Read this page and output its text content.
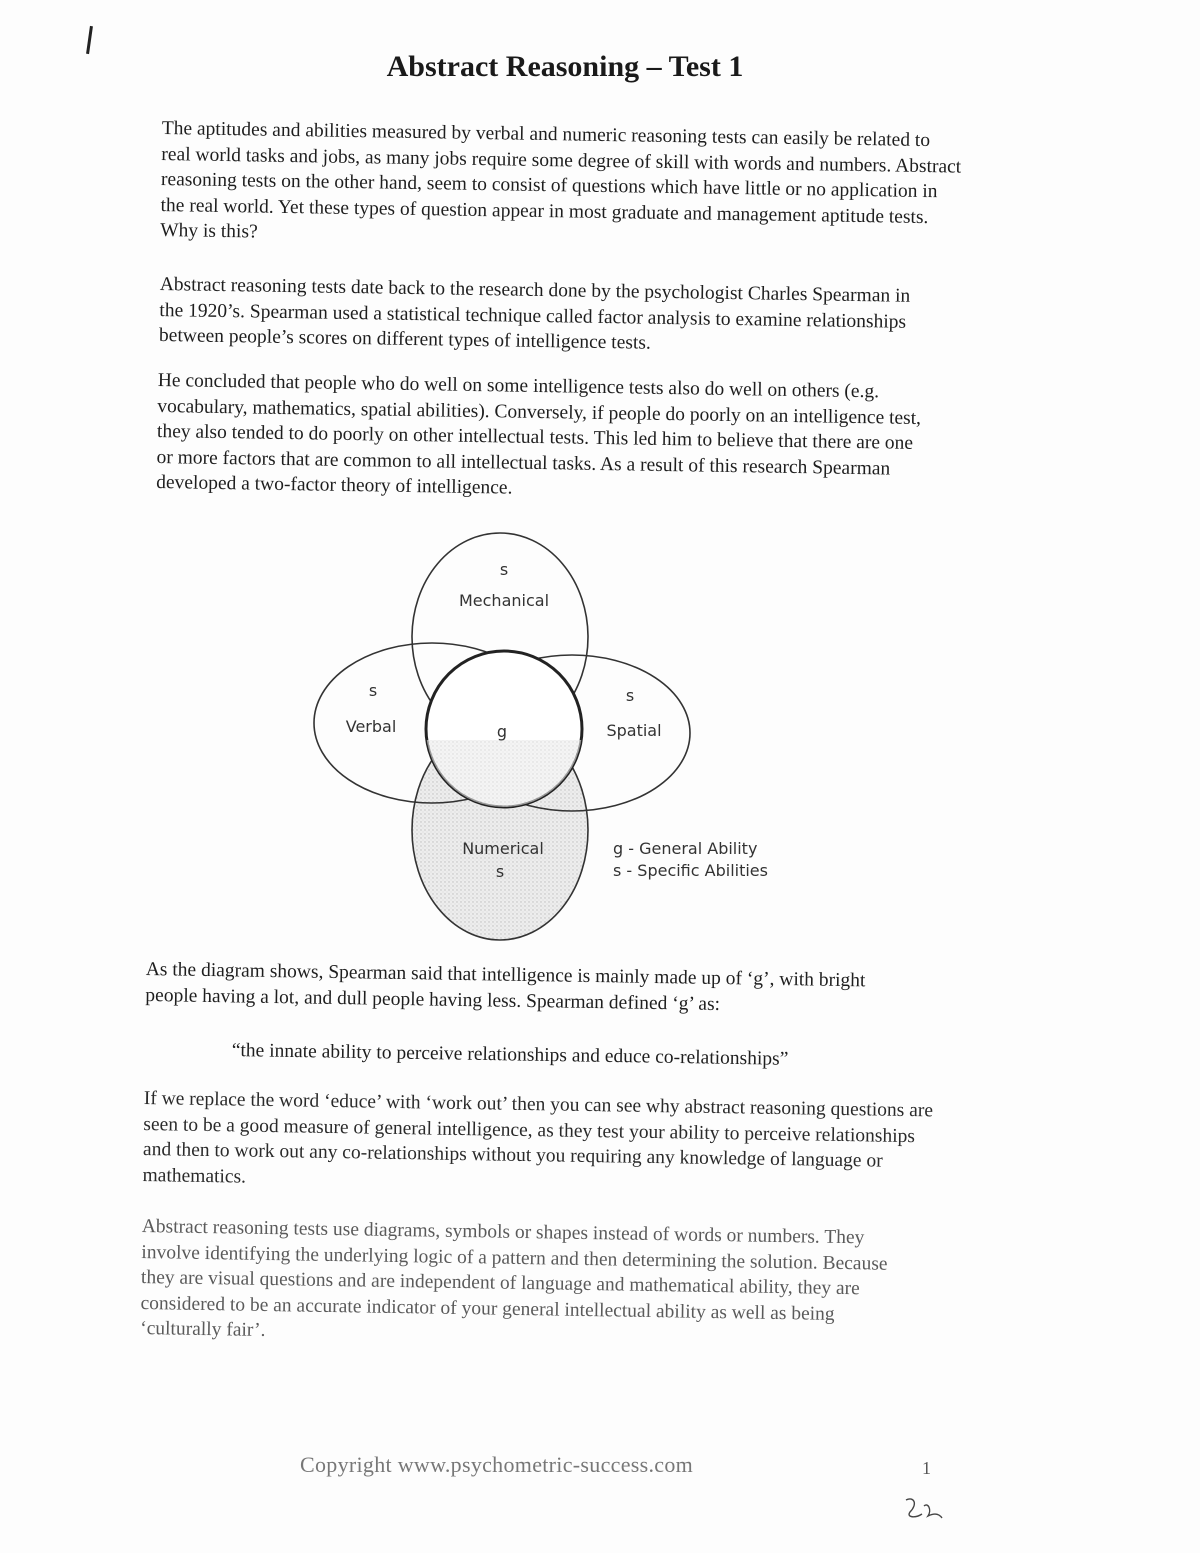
Abstract Reasoning – Test 1

The aptitudes and abilities measured by verbal and numeric reasoning tests can easily be related to real world tasks and jobs, as many jobs require some degree of skill with words and numbers. Abstract reasoning tests on the other hand, seem to consist of questions which have little or no application in the real world. Yet these types of question appear in most graduate and management aptitude tests. Why is this?

Abstract reasoning tests date back to the research done by the psychologist Charles Spearman in the 1920’s. Spearman used a statistical technique called factor analysis to examine relationships between people’s scores on different types of intelligence tests.

He concluded that people who do well on some intelligence tests also do well on others (e.g. vocabulary, mathematics, spatial abilities). Conversely, if people do poorly on an intelligence test, they also tended to do poorly on other intellectual tests. This led him to believe that there are one or more factors that are common to all intellectual tasks. As a result of this research Spearman developed a two-factor theory of intelligence.

s
Mechanical
s
Verbal	g
s
Spatial
Numerical
s
g - General Ability
s - Specific Abilities

As the diagram shows, Spearman said that intelligence is mainly made up of ‘g’, with bright people having a lot, and dull people having less. Spearman defined ‘g’ as:

“the innate ability to perceive relationships and educe co-relationships”

If we replace the word ‘educe’ with ‘work out’ then you can see why abstract reasoning questions are seen to be a good measure of general intelligence, as they test your ability to perceive relationships and then to work out any co-relationships without you requiring any knowledge of language or mathematics.

Abstract reasoning tests use diagrams, symbols or shapes instead of words or numbers. They involve identifying the underlying logic of a pattern and then determining the solution. Because they are visual questions and are independent of language and mathematical ability, they are considered to be an accurate indicator of your general intellectual ability as well as being ‘culturally fair’.

Copyright www.psychometric-success.com	1
